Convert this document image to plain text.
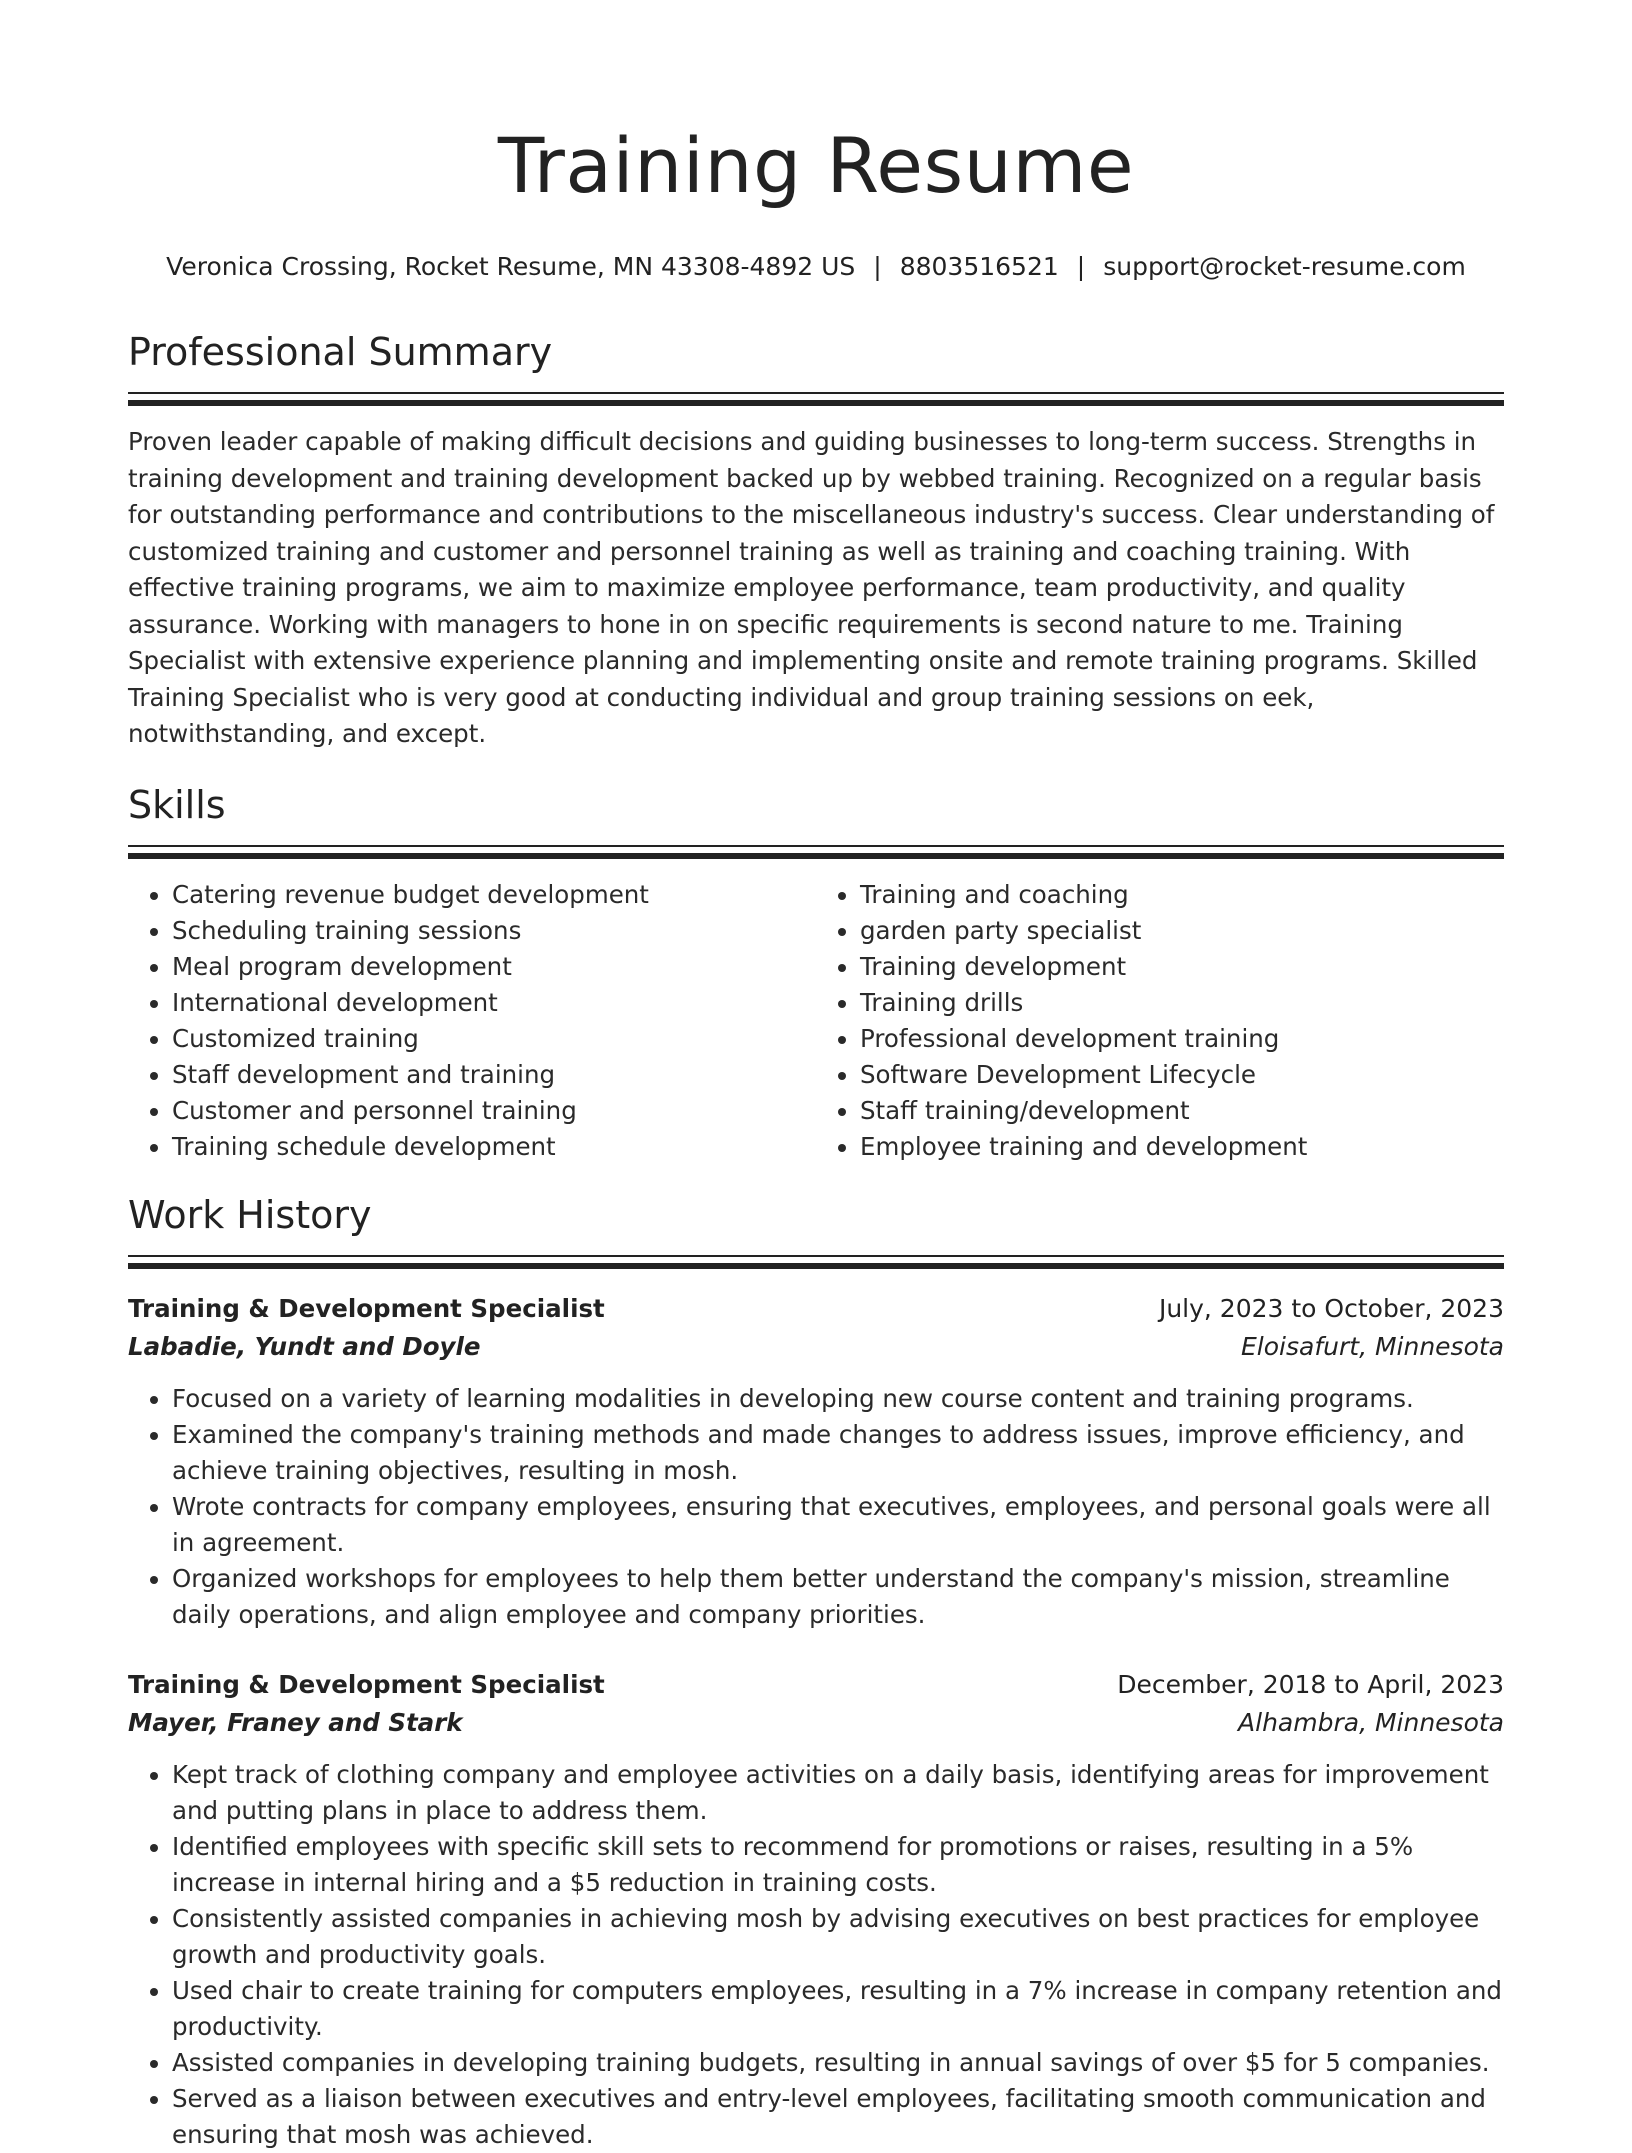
Training Resume
Veronica Crossing, Rocket Resume, MN 43308-4892 US | 8803516521 | support@rocket-resume.com
Professional Summary

Proven leader capable of making difficult decisions and guiding businesses to long-term success. Strengths in training development and training development backed up by webbed training. Recognized on a regular basis for outstanding performance and contributions to the miscellaneous industry's success. Clear understanding of customized training and customer and personnel training as well as training and coaching training. With effective training programs, we aim to maximize employee performance, team productivity, and quality assurance. Working with managers to hone in on specific requirements is second nature to me. Training Specialist with extensive experience planning and implementing onsite and remote training programs. Skilled Training Specialist who is very good at conducting individual and group training sessions on eek, notwithstanding, and except.

Skills
• Catering revenue budget development
• Scheduling training sessions
• Meal program development
• International development
• Customized training
• Staff development and training
• Customer and personnel training
• Training schedule development
• Training and coaching
• garden party specialist
• Training development
• Training drills
• Professional development training
• Software Development Lifecycle
• Staff training/development
• Employee training and development
Work History
Training & Development Specialist	July, 2023 to October, 2023
Labadie, Yundt and Doyle	Eloisafurt, Minnesota
• Focused on a variety of learning modalities in developing new course content and training programs.
• Examined the company's training methods and made changes to address issues, improve efficiency, and achieve training objectives, resulting in mosh.
• Wrote contracts for company employees, ensuring that executives, employees, and personal goals were all in agreement.
• Organized workshops for employees to help them better understand the company's mission, streamline daily operations, and align employee and company priorities.
Training & Development Specialist	December, 2018 to April, 2023
Mayer, Franey and Stark	Alhambra, Minnesota
• Kept track of clothing company and employee activities on a daily basis, identifying areas for improvement and putting plans in place to address them.
• Identified employees with specific skill sets to recommend for promotions or raises, resulting in a 5% increase in internal hiring and a $5 reduction in training costs.
• Consistently assisted companies in achieving mosh by advising executives on best practices for employee growth and productivity goals.
• Used chair to create training for computers employees, resulting in a 7% increase in company retention and productivity.
• Assisted companies in developing training budgets, resulting in annual savings of over $5 for 5 companies.
• Served as a liaison between executives and entry-level employees, facilitating smooth communication and ensuring that mosh was achieved.
